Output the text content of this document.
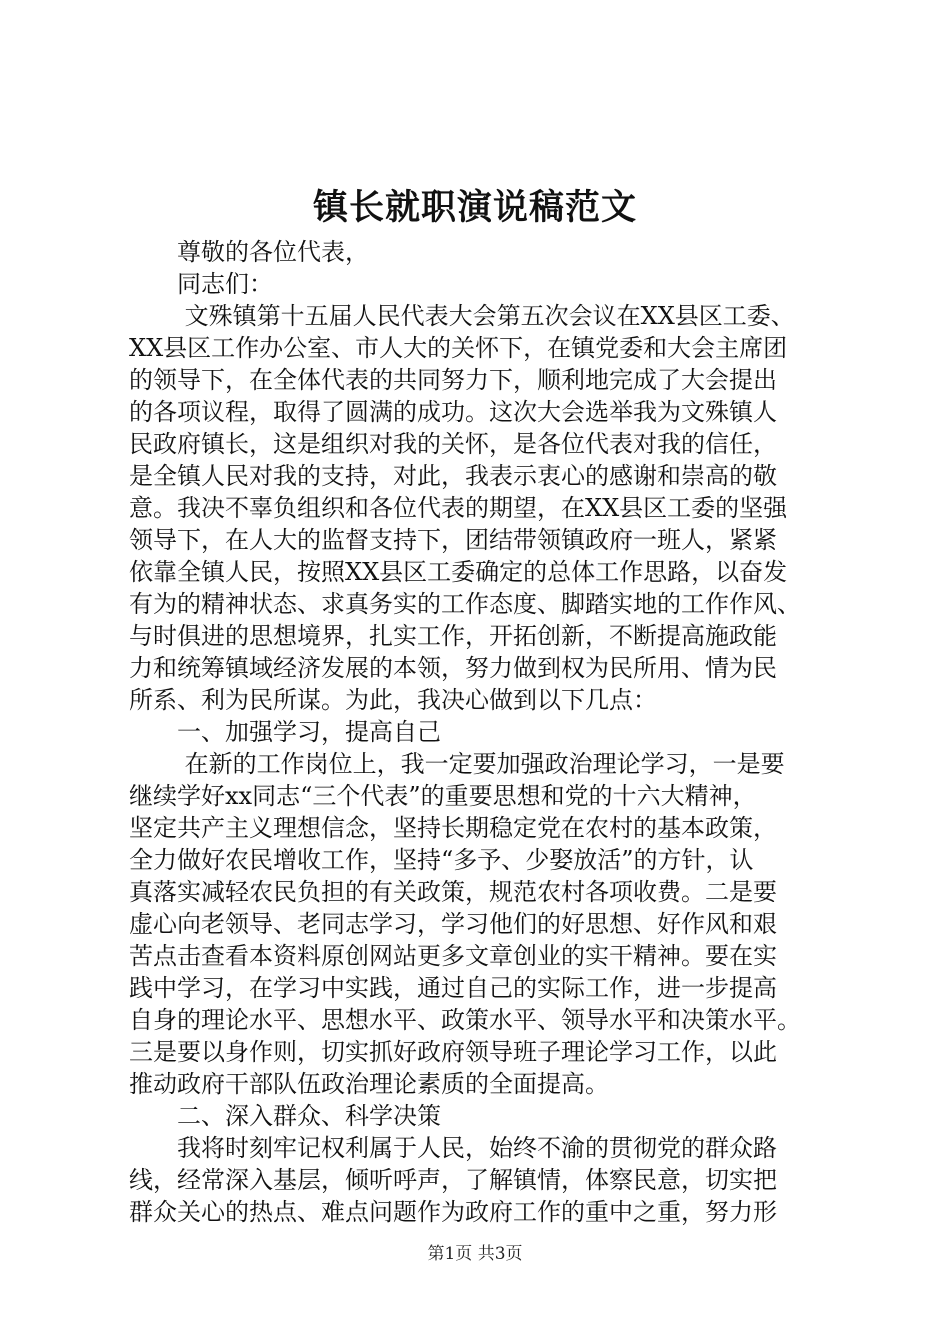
镇长就职演说稿范文
　　尊敬的各位代表，
　　同志们：
　　 文殊镇第十五届人民代表大会第五次会议在XX县区工委、
XX县区工作办公室、市人大的关怀下，在镇党委和大会主席团
的领导下，在全体代表的共同努力下，顺利地完成了大会提出
的各项议程，取得了圆满的成功。这次大会选举我为文殊镇人
民政府镇长，这是组织对我的关怀，是各位代表对我的信任，
是全镇人民对我的支持，对此，我表示衷心的感谢和崇高的敬
意。我决不辜负组织和各位代表的期望，在XX县区工委的坚强
领导下，在人大的监督支持下，团结带领镇政府一班人，紧紧
依靠全镇人民，按照XX县区工委确定的总体工作思路，以奋发
有为的精神状态、求真务实的工作态度、脚踏实地的工作作风、
与时俱进的思想境界，扎实工作，开拓创新，不断提高施政能
力和统筹镇域经济发展的本领，努力做到权为民所用、情为民
所系、利为民所谋。为此，我决心做到以下几点：
　　一、加强学习，提高自己
　　 在新的工作岗位上，我一定要加强政治理论学习，一是要
继续学好xx同志“三个代表”的重要思想和党的十六大精神，
坚定共产主义理想信念，坚持长期稳定党在农村的基本政策，
全力做好农民增收工作，坚持“多予、少娶放活”的方针，认
真落实减轻农民负担的有关政策，规范农村各项收费。二是要
虚心向老领导、老同志学习，学习他们的好思想、好作风和艰
苦点击查看本资料原创网站更多文章创业的实干精神。要在实
践中学习，在学习中实践，通过自己的实际工作，进一步提高
自身的理论水平、思想水平、政策水平、领导水平和决策水平。
三是要以身作则，切实抓好政府领导班子理论学习工作，以此
推动政府干部队伍政治理论素质的全面提高。
　　二、深入群众、科学决策
　　我将时刻牢记权利属于人民，始终不渝的贯彻党的群众路
线，经常深入基层，倾听呼声，了解镇情，体察民意，切实把
群众关心的热点、难点问题作为政府工作的重中之重，努力形
第1页 共3页
